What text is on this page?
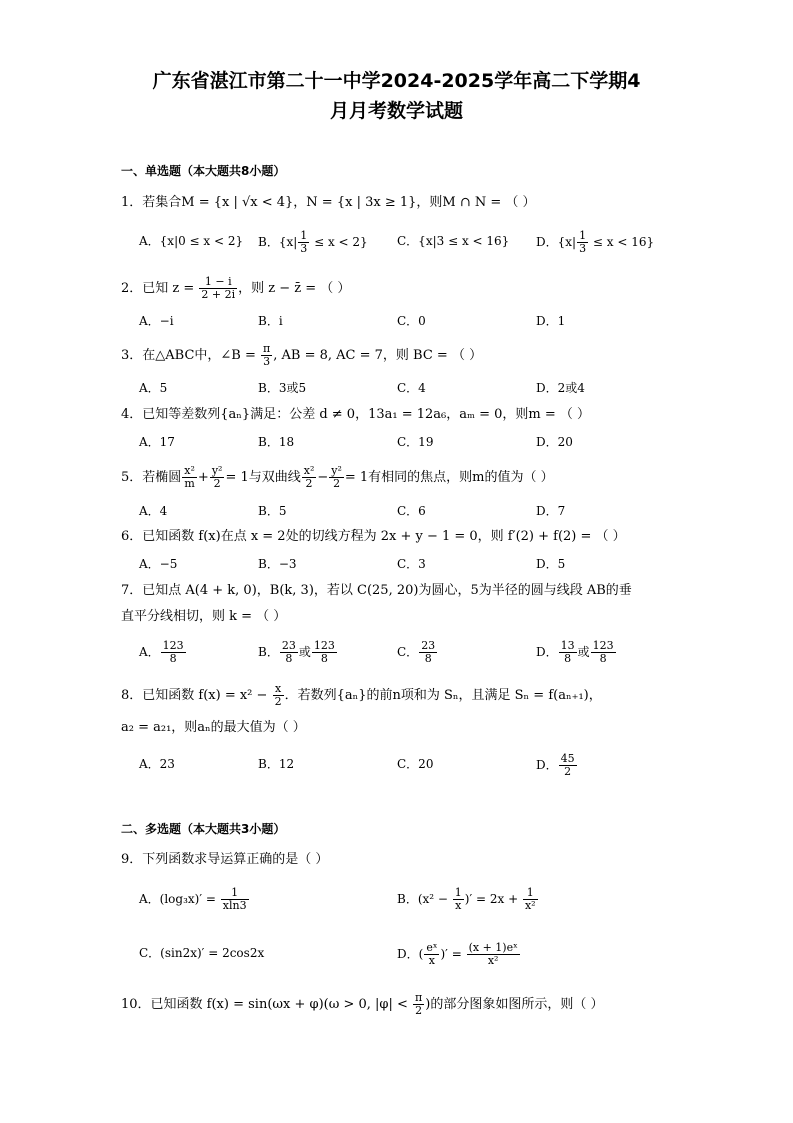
广东省湛江市第二十一中学2024-2025学年高二下学期4
月月考数学试题
一、单选题（本大题共8小题）
1．若集合M = {x | √x < 4}，N = {x | 3x ≥ 1}，则M ∩ N = （ ）
A．{x|0 ≤ x < 2} B．$\{x| \frac{1}{3} \le x < 2\}$ C．{x|3 ≤ x < 16} D．$\{x| \frac{1}{3} \le x < 16\}$
2．已知 $z = \frac{1 - i}{2 + 2i}$ ，则 z − z̄ = （ ）
A．−i	B．i	C．0	D．1
3．在△ABC中，∠B = $\frac{\pi}{3}$ , AB = 8, AC = 7，则 BC = （ ）
A．5	B．3或5	C．4	D．2或4
4．已知等差数列{aₙ}满足：公差 d ≠ 0，13a₁ = 12a₆，aₘ = 0，则m = （ ）
A．17	B．18	C．19	D．20
5．若椭圆 $\frac{\text{x²}}{m} + \frac{\text{y²}}{2} = 1$与双曲线 $\frac{\text{x²}}{2} - \frac{\text{y²}}{2} = 1$有相同的焦点，则m的值为（ ）
A．4	B．5	C．6	D．7
6．已知函数 f(x)在点 x = 2处的切线方程为 2x + y − 1 = 0，则 f′(2) + f(2) = （ ）
A．−5	B．−3	C．3	D．5
7．已知点 A(4 + k, 0)，B(k, 3)，若以 C(25, 20)为圆心，5为半径的圆与线段 AB的垂
直平分线相切，则 k = （ ）
A． $\frac{123}{8}$	B． $\frac{23}{8}$ 或 $\frac{123}{8}$	C． $\frac{23}{8}$	D． $\frac{13}{8}$ 或 $\frac{123}{8}$
8．已知函数 $f(x) = x^2 - \frac{x}{2}$ ．若数列{aₙ}的前n项和为 Sₙ，且满足 Sₙ = f(aₙ₊₁)，
a₂ = a₂₁，则aₙ的最大值为（ ）
A．23	B．12	C．20	D． $\frac{45}{2}$
二、多选题（本大题共3小题）
9．下列函数求导运算正确的是（ ）
A．$(\log_3x)' = \frac{1}{xln3}$	B．($x^2 - \frac{1}{x}$ )′ = $2x + \frac{1}{\text{x²}}$
C．(sin2x)′ = 2cos2x	D．( $\frac{\text{eˣ}}{x}$ )′ = $\frac{\text{(x + 1)eˣ}}{\text{x²}}$
10．已知函数 f(x) = sin(ωx + φ)(ω > 0, $|\varphi| < \frac{\pi}{2}$ )的部分图象如图所示，则（ ）
